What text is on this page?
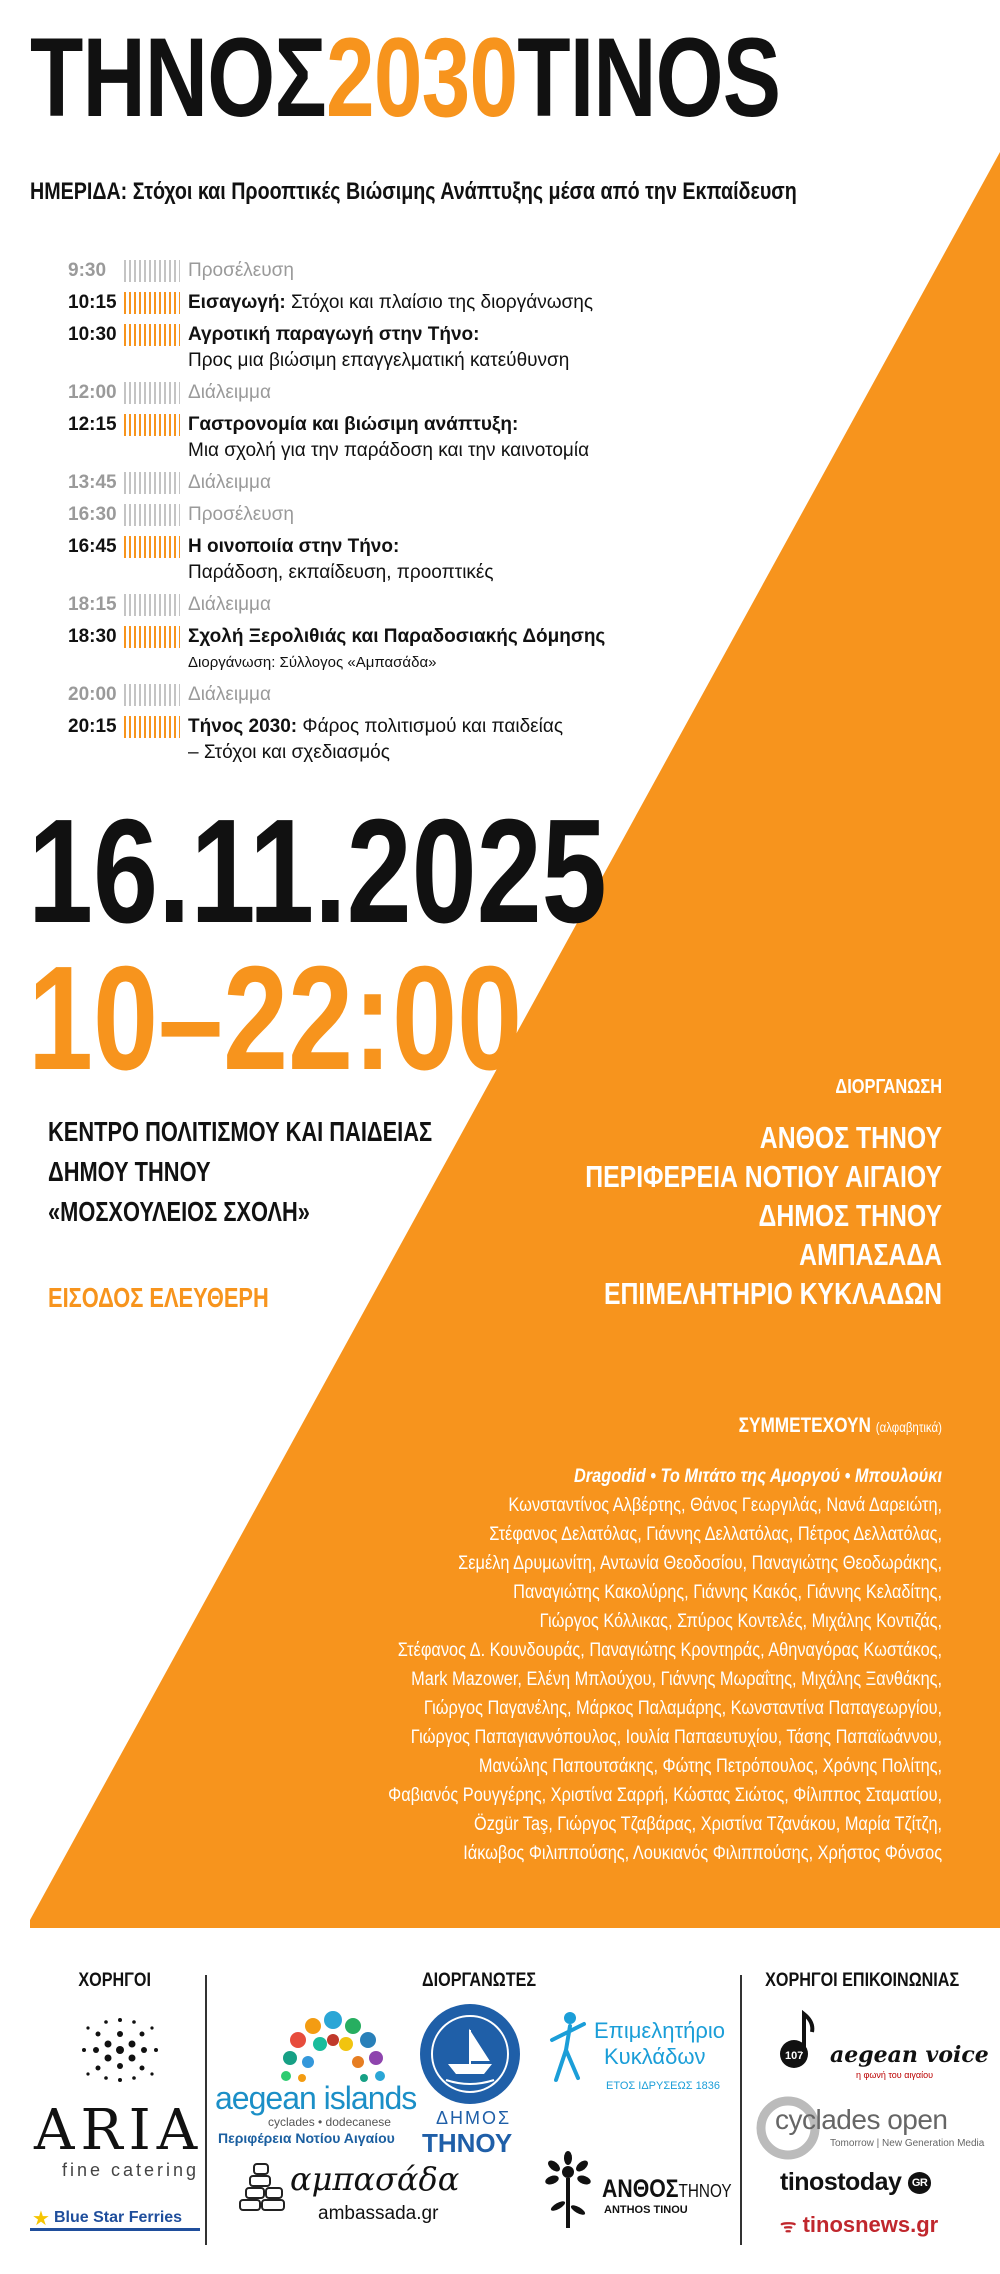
ΤΗΝΟΣ2030TINOS
ΗΜΕΡΙΔΑ: Στόχοι και Προοπτικές Βιώσιμης Ανάπτυξης μέσα από την Εκπαίδευση
9:30	Προσέλευση
10:15	Εισαγωγή: Στόχοι και πλαίσιο της διοργάνωσης
10:30	Αγροτική παραγωγή στην Τήνο:
Προς μια βιώσιμη επαγγελματική κατεύθυνση
12:00	Διάλειμμα
12:15	Γαστρονομία και βιώσιμη ανάπτυξη:
Μια σχολή για την παράδοση και την καινοτομία
13:45	Διάλειμμα
16:30	Προσέλευση
16:45	Η οινοποιία στην Τήνο:
Παράδοση, εκπαίδευση, προοπτικές
18:15	Διάλειμμα
18:30	Σχολή Ξερολιθιάς και Παραδοσιακής Δόμησης
Διοργάνωση: Σύλλογος «Αμπασάδα»
20:00	Διάλειμμα
20:15	Τήνος 2030: Φάρος πολιτισμού και παιδείας
– Στόχοι και σχεδιασμός
16.11.2025
10–22:00
ΚΕΝΤΡΟ ΠΟΛΙΤΙΣΜΟΥ ΚΑΙ ΠΑΙΔΕΙΑΣ
ΔΗΜΟΥ ΤΗΝΟΥ
«ΜΟΣΧΟΥΛΕΙΟΣ ΣΧΟΛΗ»
ΕΙΣΟΔΟΣ ΕΛΕΥΘΕΡΗ
ΔΙΟΡΓΑΝΩΣΗ
ΑΝΘΟΣ ΤΗΝΟΥ
ΠΕΡΙΦΕΡΕΙΑ ΝΟΤΙΟΥ ΑΙΓΑΙΟΥ
ΔΗΜΟΣ ΤΗΝΟΥ
ΑΜΠΑΣΑΔΑ
ΕΠΙΜΕΛΗΤΗΡΙΟ ΚΥΚΛΑΔΩΝ
ΣΥΜΜΕΤΕΧΟΥΝ (αλφαβητικά)
Dragodid • Το Μιτάτο της Αμοργού • Μπουλούκι
Κωνσταντίνος Αλβέρτης, Θάνος Γεωργιλάς, Νανά Δαρειώτη,
Στέφανος Δελατόλας, Γιάννης Δελλατόλας, Πέτρος Δελλατόλας,
Σεμέλη Δρυμωνίτη, Αντωνία Θεοδοσίου, Παναγιώτης Θεοδωράκης,
Παναγιώτης Κακολύρης, Γιάννης Κακός, Γιάννης Κελαδίτης,
Γιώργος Κόλλικας, Σπύρος Κοντελές, Μιχάλης Κοντιζάς,
Στέφανος Δ. Κουνδουράς, Παναγιώτης Κροντηράς, Αθηναγόρας Κωστάκος,
Mark Mazower, Ελένη Μπλούχου, Γιάννης Μωραΐτης, Μιχάλης Ξανθάκης,
Γιώργος Παγανέλης, Μάρκος Παλαμάρης, Κωνσταντίνα Παπαγεωργίου,
Γιώργος Παπαγιαννόπουλος, Ιουλία Παπαευτυχίου, Τάσης Παπαϊωάννου,
Μανώλης Παπουτσάκης, Φώτης Πετρόπουλος, Χρόνης Πολίτης,
Φαβιανός Ρουγγέρης, Χριστίνα Σαρρή, Κώστας Σιώτος, Φίλιππος Σταματίου,
Özgür Taş, Γιώργος Τζαβάρας, Χριστίνα Τζανάκου, Μαρία Τζίτζη,
Ιάκωβος Φιλιππούσης, Λουκιανός Φιλιππούσης, Χρήστος Φόνσος
ΧΟΡΗΓΟΙ	ΔΙΟΡΓΑΝΩΤΕΣ	ΧΟΡΗΓΟΙ ΕΠΙΚΟΙΝΩΝΙΑΣ
ARIA
fine catering
★ Blue Star Ferries
aegean islands
cyclades • dodecanese
Περιφέρεια Νοτίου Αιγαίου
ΔΗΜΟΣ
ΤΗΝΟΥ
Επιμελητήριο
Κυκλάδων
ΕΤΟΣ ΙΔΡΥΣΕΩΣ 1836
αμπασάδα
ambassada.gr
ΑΝΘΟΣΤΗΝΟΥ
ANTHOS TINOU
107 aegean voice
η φωνή του αιγαίου
cyclades open
Tomorrow | New Generation Media
tinostoday GR
ᯤ tinosnews.gr
